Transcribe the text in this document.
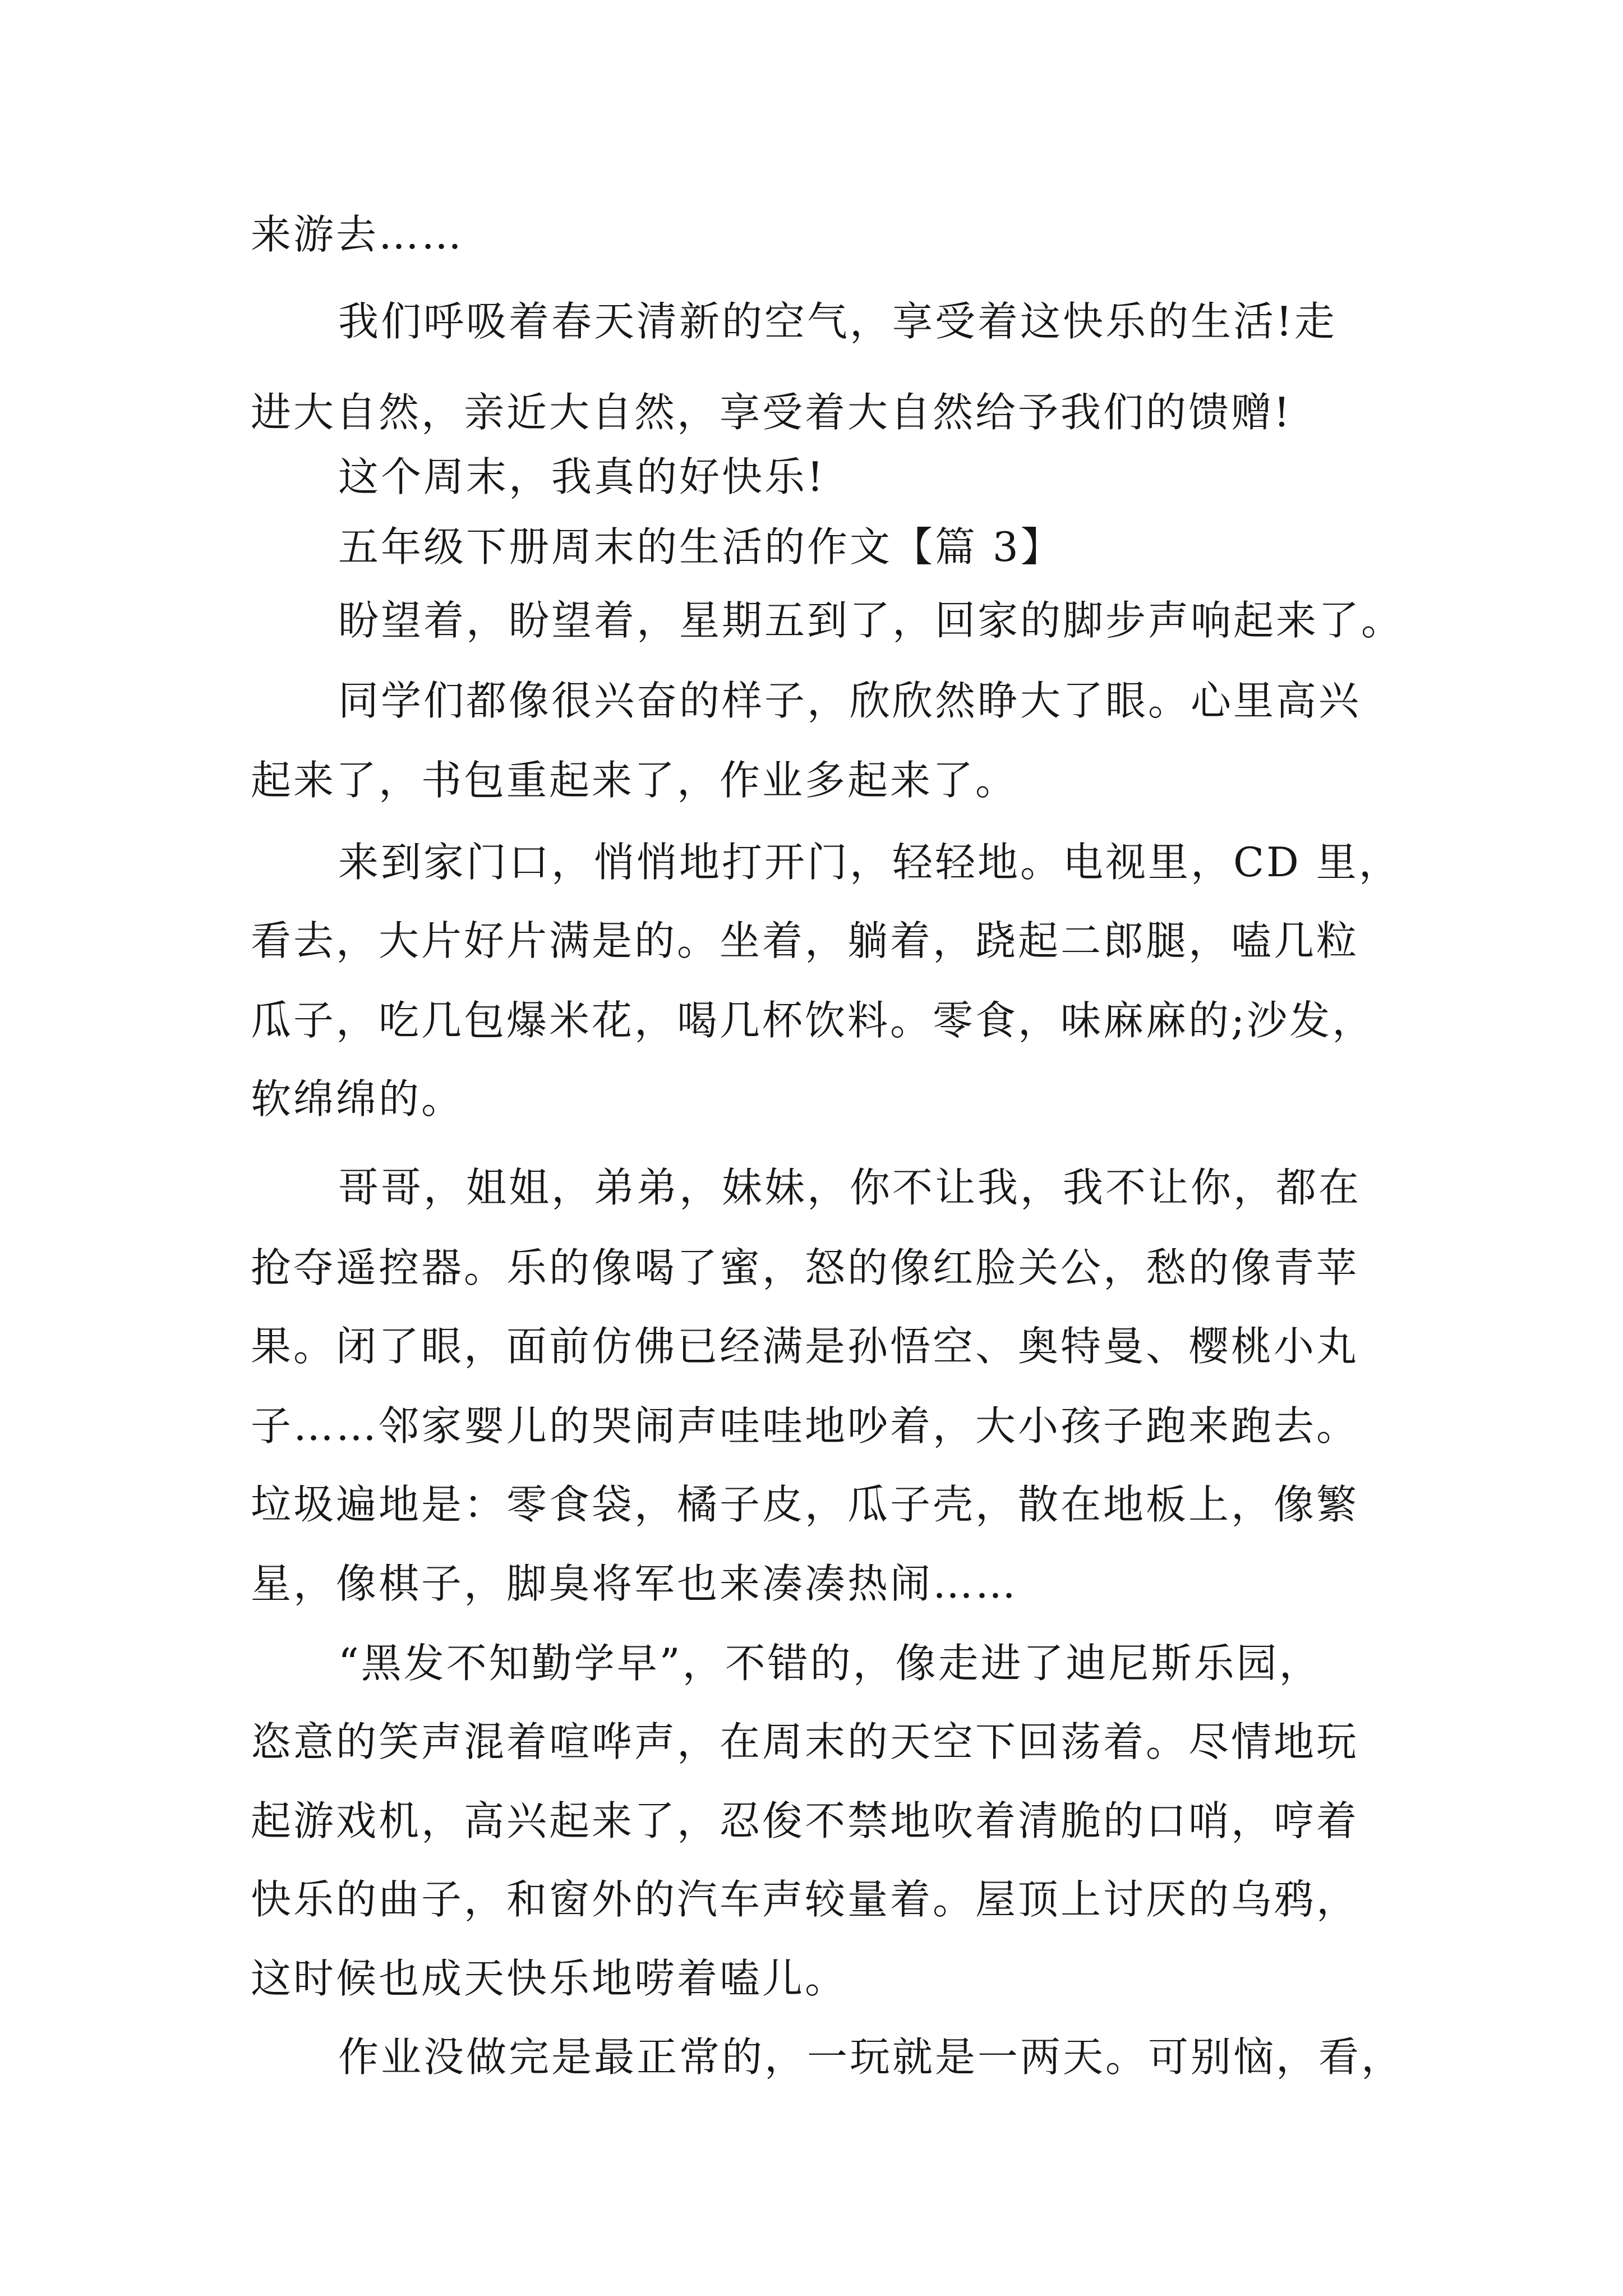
来游去……

我们呼吸着春天清新的空气，享受着这快乐的生活!走

进大自然，亲近大自然，享受着大自然给予我们的馈赠!

这个周末，我真的好快乐!

五年级下册周末的生活的作文【篇 3】

盼望着，盼望着，星期五到了，回家的脚步声响起来了。

同学们都像很兴奋的样子，欣欣然睁大了眼。心里高兴

起来了，书包重起来了，作业多起来了。

来到家门口，悄悄地打开门，轻轻地。电视里，CD 里，

看去，大片好片满是的。坐着，躺着，跷起二郎腿，嗑几粒

瓜子，吃几包爆米花，喝几杯饮料。零食，味麻麻的;沙发，

软绵绵的。

哥哥，姐姐，弟弟，妹妹，你不让我，我不让你，都在

抢夺遥控器。乐的像喝了蜜，怒的像红脸关公，愁的像青苹

果。闭了眼，面前仿佛已经满是孙悟空、奥特曼、樱桃小丸

子……邻家婴儿的哭闹声哇哇地吵着，大小孩子跑来跑去。

垃圾遍地是：零食袋，橘子皮，瓜子壳，散在地板上，像繁

星，像棋子，脚臭将军也来凑凑热闹……

“黑发不知勤学早”，不错的，像走进了迪尼斯乐园，

恣意的笑声混着喧哗声，在周末的天空下回荡着。尽情地玩

起游戏机，高兴起来了，忍俊不禁地吹着清脆的口哨，哼着

快乐的曲子，和窗外的汽车声较量着。屋顶上讨厌的乌鸦，

这时候也成天快乐地唠着嗑儿。

作业没做完是最正常的，一玩就是一两天。可别恼，看，
